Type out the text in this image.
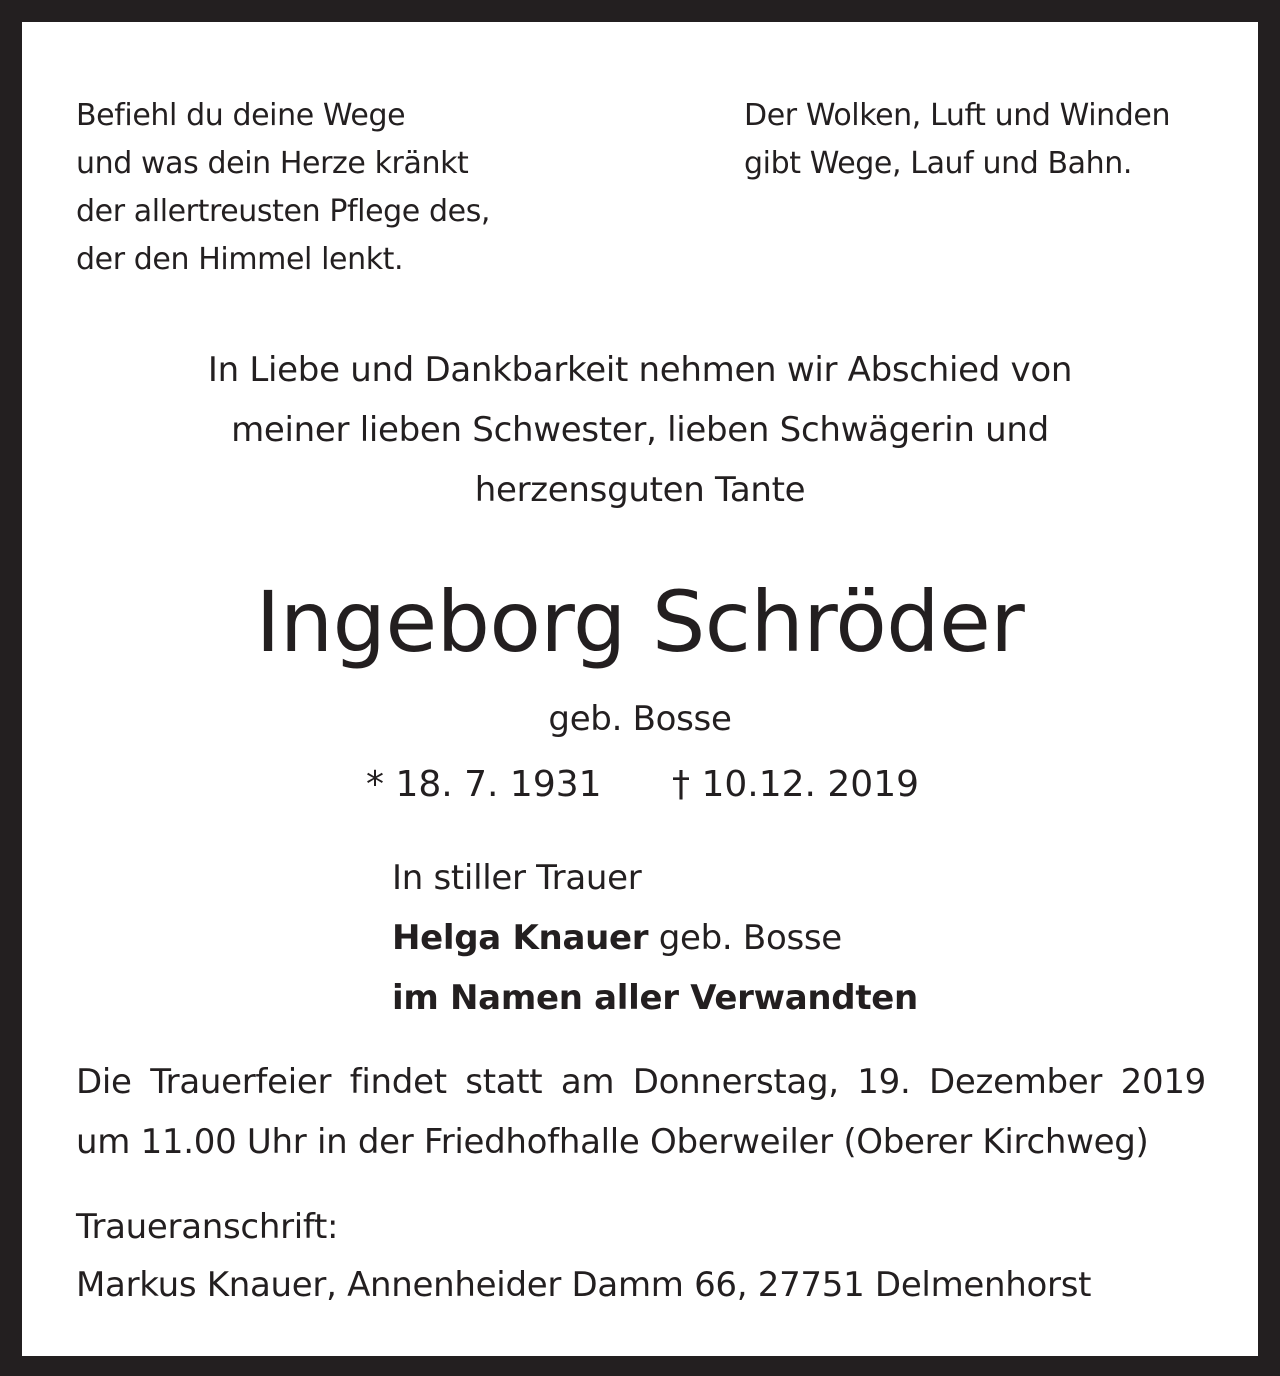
Befiehl du deine Wege
und was dein Herze kränkt
der allertreusten Pflege des,
der den Himmel lenkt.
Der Wolken, Luft und Winden
gibt Wege, Lauf und Bahn.
In Liebe und Dankbarkeit nehmen wir Abschied von
meiner lieben Schwester, lieben Schwägerin und
herzensguten Tante
Ingeborg Schröder
geb. Bosse
* 18. 7. 1931 † 10.12. 2019
In stiller Trauer
Helga Knauer geb. Bosse
im Namen aller Verwandten
Die Trauerfeier findet statt am Donnerstag, 19. Dezember 2019
um 11.00 Uhr in der Friedhofhalle Oberweiler (Oberer Kirchweg)
Traueranschrift:
Markus Knauer, Annenheider Damm 66, 27751 Delmenhorst
